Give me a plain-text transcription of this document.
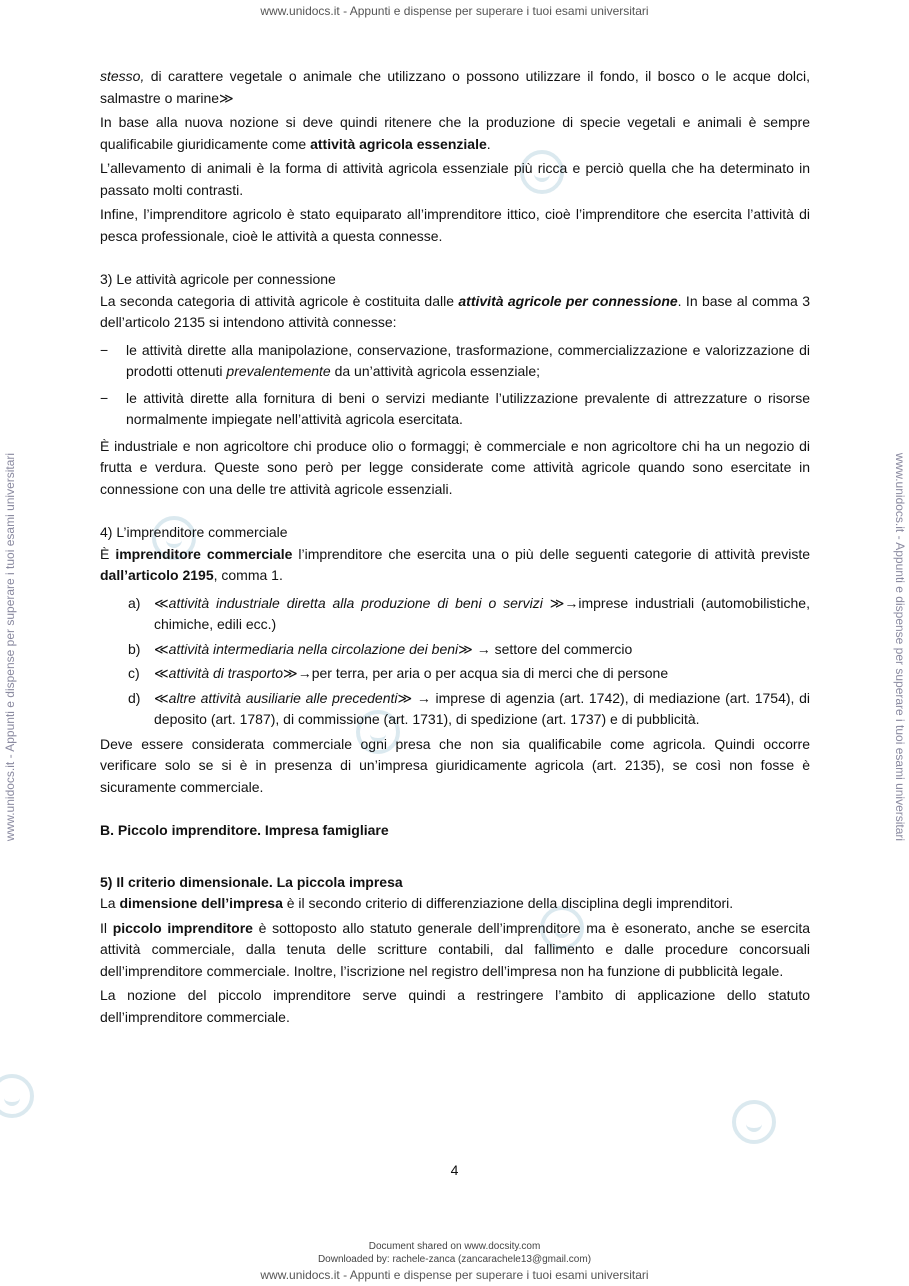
www.unidocs.it - Appunti e dispense per superare i tuoi esami universitari
www.unidocs.it - Appunti e dispense per superare i tuoi esami universitari
www.unidocs.it - Appunti e dispense per superare i tuoi esami universitari	www.unidocs.it - Appunti e dispense per superare i tuoi esami universitari

stesso, di carattere vegetale o animale che utilizzano o possono utilizzare il fondo, il bosco o le acque dolci, salmastre o marine≫

In base alla nuova nozione si deve quindi ritenere che la produzione di specie vegetali e animali è sempre qualificabile giuridicamente come attività agricola essenziale.

L’allevamento di animali è la forma di attività agricola essenziale più ricca e perciò quella che ha determinato in passato molti contrasti.

Infine, l’imprenditore agricolo è stato equiparato all’imprenditore ittico, cioè l’imprenditore che esercita l’attività di pesca professionale, cioè le attività a questa connesse.

3) Le attività agricole per connessione

La seconda categoria di attività agricole è costituita dalle attività agricole per connessione. In base al comma 3 dell’articolo 2135 si intendono attività connesse:

− le attività dirette alla manipolazione, conservazione, trasformazione, commercializzazione e valorizzazione di prodotti ottenuti prevalentemente da un’attività agricola essenziale;
− le attività dirette alla fornitura di beni o servizi mediante l’utilizzazione prevalente di attrezzature o risorse normalmente impiegate nell’attività agricola esercitata.

È industriale e non agricoltore chi produce olio o formaggi; è commerciale e non agricoltore chi ha un negozio di frutta e verdura. Queste sono però per legge considerate come attività agricole quando sono esercitate in connessione con una delle tre attività agricole essenziali.

4) L’imprenditore commerciale

È imprenditore commerciale l’imprenditore che esercita una o più delle seguenti categorie di attività previste dall’articolo 2195, comma 1.

a) ≪attività industriale diretta alla produzione di beni o servizi ≫→imprese industriali (automobilistiche, chimiche, edili ecc.)
b) ≪attività intermediaria nella circolazione dei beni≫ → settore del commercio
c) ≪attività di trasporto≫→per terra, per aria o per acqua sia di merci che di persone
d) ≪altre attività ausiliarie alle precedenti≫ → imprese di agenzia (art. 1742), di mediazione (art. 1754), di deposito (art. 1787), di commissione (art. 1731), di spedizione (art. 1737) e di pubblicità.

Deve essere considerata commerciale ogni presa che non sia qualificabile come agricola. Quindi occorre verificare solo se si è in presenza di un’impresa giuridicamente agricola (art. 2135), se così non fosse è sicuramente commerciale.

B. Piccolo imprenditore. Impresa famigliare
5) Il criterio dimensionale. La piccola impresa

La dimensione dell’impresa è il secondo criterio di differenziazione della disciplina degli imprenditori.

Il piccolo imprenditore è sottoposto allo statuto generale dell’imprenditore ma è esonerato, anche se esercita attività commerciale, dalla tenuta delle scritture contabili, dal fallimento e dalle procedure concorsuali dell’imprenditore commerciale. Inoltre, l’iscrizione nel registro dell’impresa non ha funzione di pubblicità legale.

La nozione del piccolo imprenditore serve quindi a restringere l’ambito di applicazione dello statuto dell’imprenditore commerciale.

4
Document shared on www.docsity.com
Downloaded by: rachele-zanca (zancarachele13@gmail.com)
